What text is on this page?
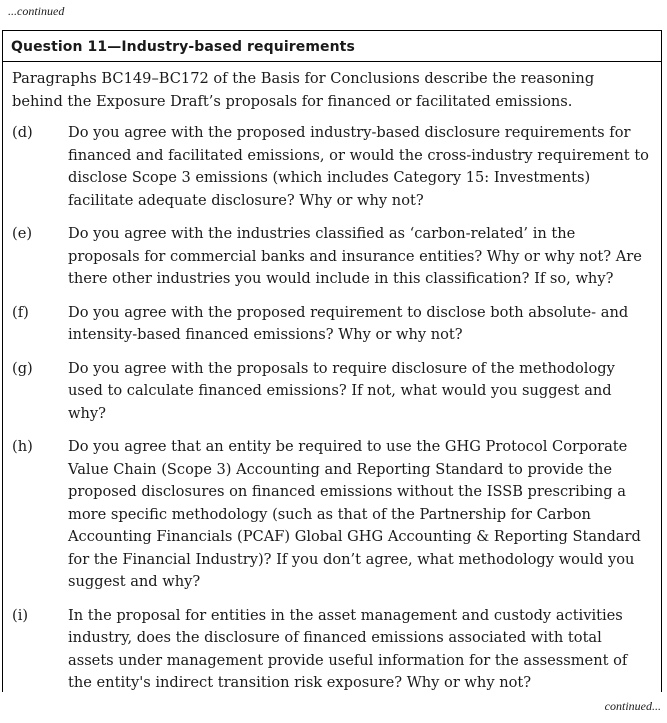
...continued
Question 11—Industry-based requirements
Paragraphs BC149–BC172 of the Basis for Conclusions describe the reasoning behind the Exposure Draft’s proposals for financed or facilitated emissions.
(d)	Do you agree with the proposed industry-based disclosure requirements for financed and facilitated emissions, or would the cross-industry requirement to disclose Scope 3 emissions (which includes Category 15: Investments) facilitate adequate disclosure? Why or why not?
(e)	Do you agree with the industries classified as ‘carbon-related’ in the proposals for commercial banks and insurance entities? Why or why not? Are there other industries you would include in this classification? If so, why?
(f)	Do you agree with the proposed requirement to disclose both absolute- and intensity-based financed emissions? Why or why not?
(g)	Do you agree with the proposals to require disclosure of the methodology used to calculate financed emissions? If not, what would you suggest and why?
(h)	Do you agree that an entity be required to use the GHG Protocol Corporate Value Chain (Scope 3) Accounting and Reporting Standard to provide the proposed disclosures on financed emissions without the ISSB prescribing a more specific methodology (such as that of the Partnership for Carbon Accounting Financials (PCAF) Global GHG Accounting & Reporting Standard for the Financial Industry)? If you don’t agree, what methodology would you suggest and why?
(i)	In the proposal for entities in the asset management and custody activities industry, does the disclosure of financed emissions associated with total assets under management provide useful information for the assessment of the entity's indirect transition risk exposure? Why or why not?
continued...
